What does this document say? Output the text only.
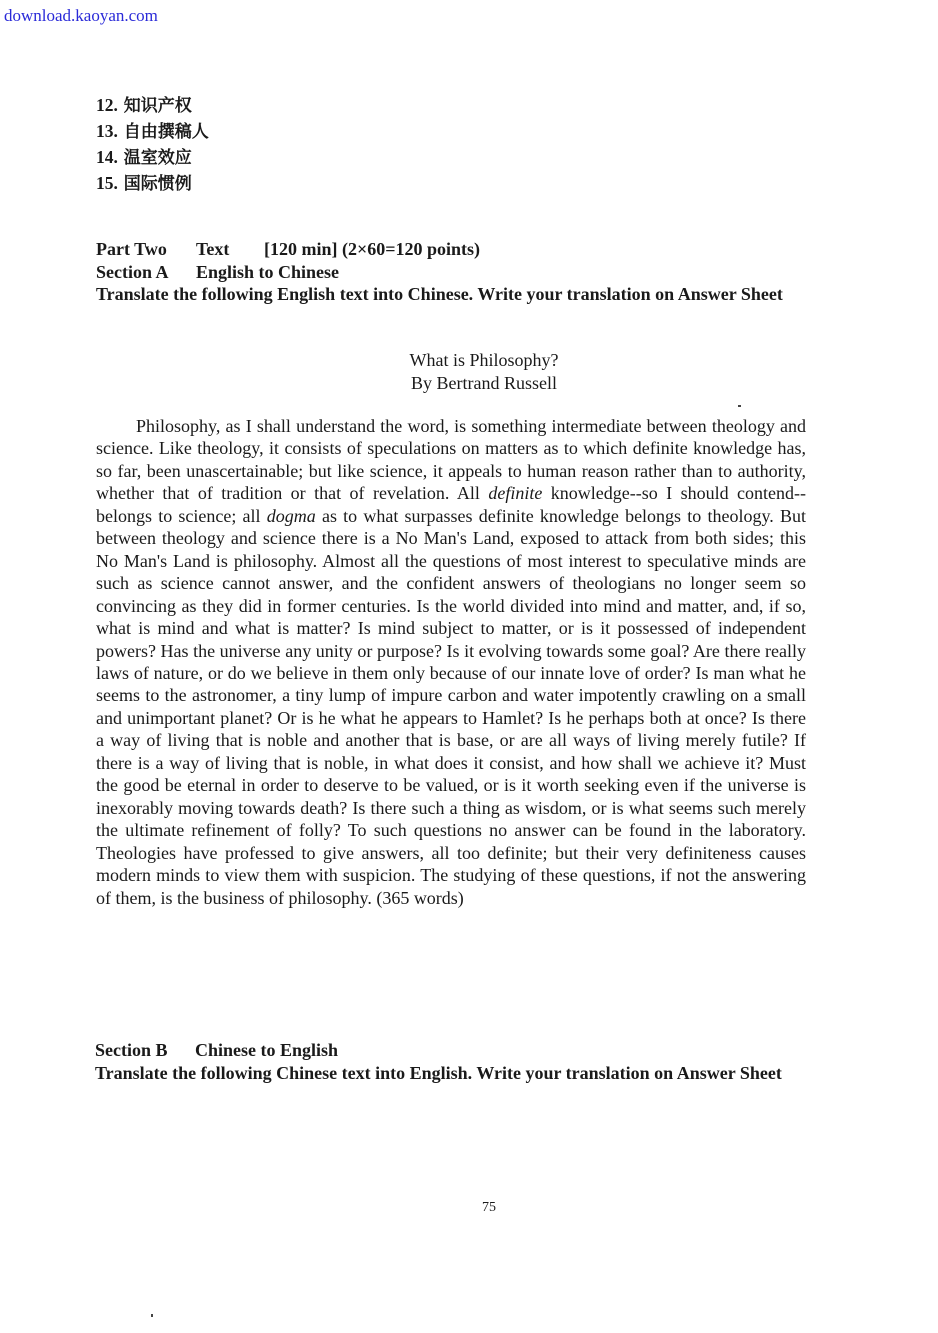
download.kaoyan.com
12. 知识产权
13. 自由撰稿人
14. 温室效应
15. 国际惯例
Part Two Text [120 min] (2×60=120 points)
Section A English to Chinese
Translate the following English text into Chinese. Write your translation on Answer Sheet
What is Philosophy?
By Bertrand Russell

Philosophy, as I shall understand the word, is something intermediate between theology and science. Like theology, it consists of speculations on matters as to which definite knowledge has, so far, been unascertainable; but like science, it appeals to human reason rather than to authority, whether that of tradition or that of revelation. All definite knowledge--so I should contend--belongs to science; all dogma as to what surpasses definite knowledge belongs to theology. But between theology and science there is a No Man's Land, exposed to attack from both sides; this No Man's Land is philosophy. Almost all the questions of most interest to speculative minds are such as science cannot answer, and the confident answers of theologians no longer seem so convincing as they did in former centuries. Is the world divided into mind and matter, and, if so, what is mind and what is matter? Is mind subject to matter, or is it possessed of independent powers? Has the universe any unity or purpose? Is it evolving towards some goal? Are there really laws of nature, or do we believe in them only because of our innate love of order? Is man what he seems to the astronomer, a tiny lump of impure carbon and water impotently crawling on a small and unimportant planet? Or is he what he appears to Hamlet? Is he perhaps both at once? Is there a way of living that is noble and another that is base, or are all ways of living merely futile? If there is a way of living that is noble, in what does it consist, and how shall we achieve it? Must the good be eternal in order to deserve to be valued, or is it worth seeking even if the universe is inexorably moving towards death? Is there such a thing as wisdom, or is what seems such merely the ultimate refinement of folly? To such questions no answer can be found in the laboratory. Theologies have professed to give answers, all too definite; but their very definiteness causes modern minds to view them with suspicion. The studying of these questions, if not the answering of them, is the business of philosophy. (365 words)

Section B Chinese to English
Translate the following Chinese text into English. Write your translation on Answer Sheet
75
